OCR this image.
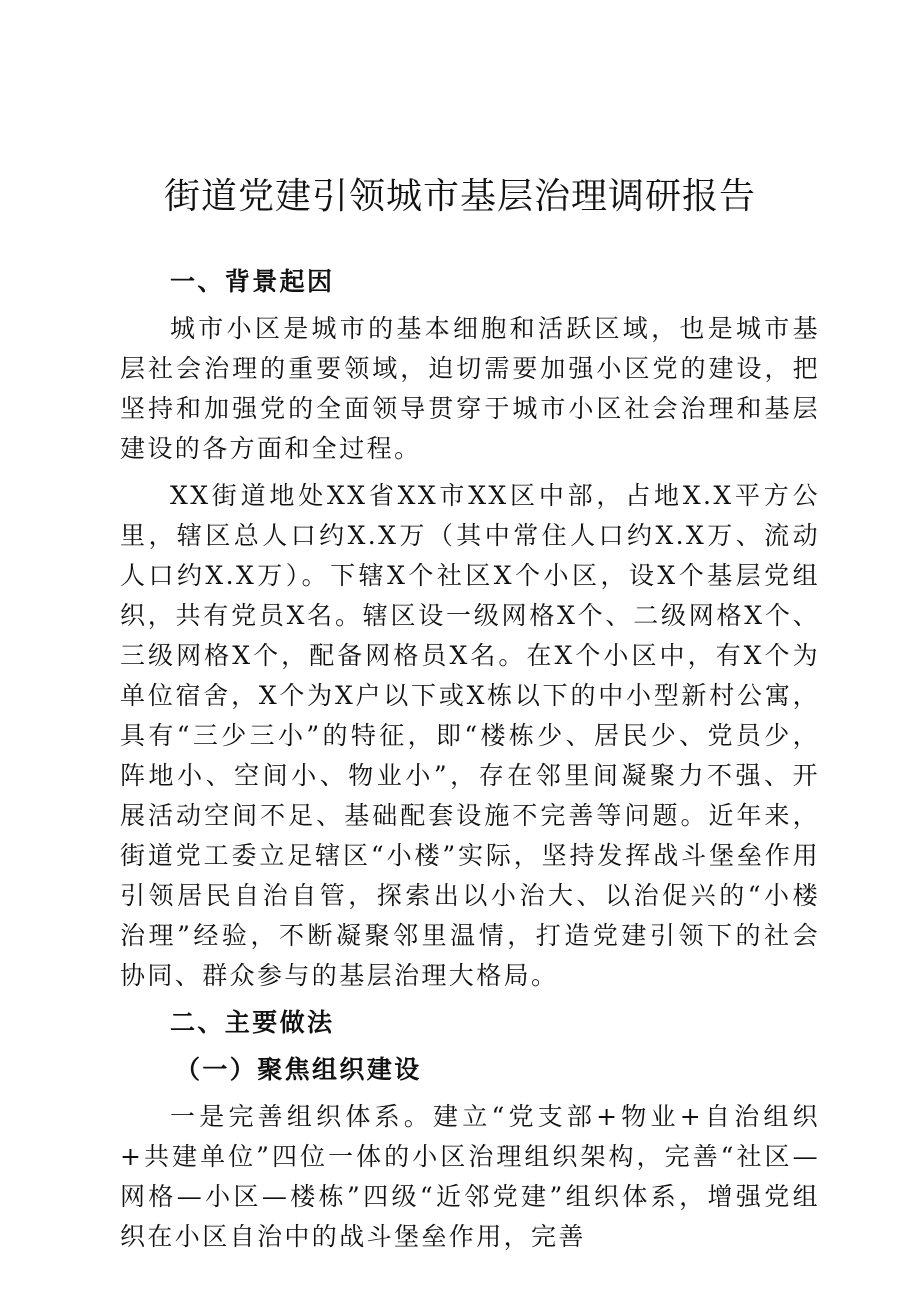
街道党建引领城市基层治理调研报告
一、背景起因

城市小区是城市的基本细胞和活跃区域，也是城市基层社会治理的重要领域，迫切需要加强小区党的建设，把坚持和加强党的全面领导贯穿于城市小区社会治理和基层建设的各方面和全过程。

XX街道地处XX省XX市XX区中部，占地X.X平方公里，辖区总人口约X.X万（其中常住人口约X.X万、流动人口约X.X万）。下辖X个社区X个小区，设X个基层党组织，共有党员X名。辖区设一级网格X个、二级网格X个、三级网格X个，配备网格员X名。在X个小区中，有X个为单位宿舍，X个为X户以下或X栋以下的中小型新村公寓，具有“三少三小”的特征，即“楼栋少、居民少、党员少，阵地小、空间小、物业小”，存在邻里间凝聚力不强、开展活动空间不足、基础配套设施不完善等问题。近年来，街道党工委立足辖区“小楼”实际，坚持发挥战斗堡垒作用引领居民自治自管，探索出以小治大、以治促兴的“小楼治理”经验，不断凝聚邻里温情，打造党建引领下的社会协同、群众参与的基层治理大格局。

二、主要做法
（一）聚焦组织建设

一是完善组织体系。建立“党支部+物业+自治组织+共建单位”四位一体的小区治理组织架构，完善“社区—网格—小区—楼栋”四级“近邻党建”组织体系，增强党组织在小区自治中的战斗堡垒作用，完善
